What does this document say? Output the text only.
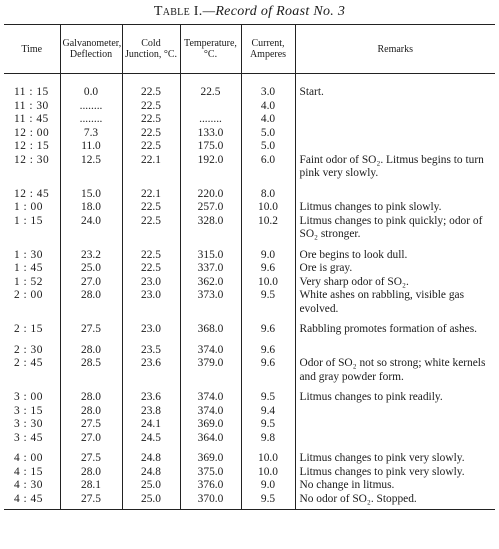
Table I.—Record of Roast No. 3
Time	Galvanometer, Deflection	Cold Junction, °C.	Temperature, °C.	Current, Amperes	Remarks
11 : 15	0.0	22.5	22.5	3.0	Start.
11 : 30	........	22.5		4.0	
11 : 45	........	22.5	........	4.0	
12 : 00	7.3	22.5	133.0	5.0	
12 : 15	11.0	22.5	175.0	5.0	
12 : 30	12.5	22.1	192.0	6.0	Faint odor of SO₂. Litmus begins to turn pink very slowly.
12 : 45	15.0	22.1	220.0	8.0	
1 : 00	18.0	22.5	257.0	10.0	Litmus changes to pink slowly.
1 : 15	24.0	22.5	328.0	10.2	Litmus changes to pink quickly; odor of SO₂ stronger.
1 : 30	23.2	22.5	315.0	9.0	Ore begins to look dull.
1 : 45	25.0	22.5	337.0	9.6	Ore is gray.
1 : 52	27.0	23.0	362.0	10.0	Very sharp odor of SO₂.
2 : 00	28.0	23.0	373.0	9.5	White ashes on rabbling, visible gas evolved.
2 : 15	27.5	23.0	368.0	9.6	Rabbling promotes formation of ashes.
2 : 30	28.0	23.5	374.0	9.6	
2 : 45	28.5	23.6	379.0	9.6	Odor of SO₂ not so strong; white kernels and gray powder form.
3 : 00	28.0	23.6	374.0	9.5	Litmus changes to pink readily.
3 : 15	28.0	23.8	374.0	9.4	
3 : 30	27.5	24.1	369.0	9.5	
3 : 45	27.0	24.5	364.0	9.8	
4 : 00	27.5	24.8	369.0	10.0	Litmus changes to pink very slowly.
4 : 15	28.0	24.8	375.0	10.0	Litmus changes to pink very slowly.
4 : 30	28.1	25.0	376.0	9.0	No change in litmus.
4 : 45	27.5	25.0	370.0	9.5	No odor of SO₂. Stopped.
